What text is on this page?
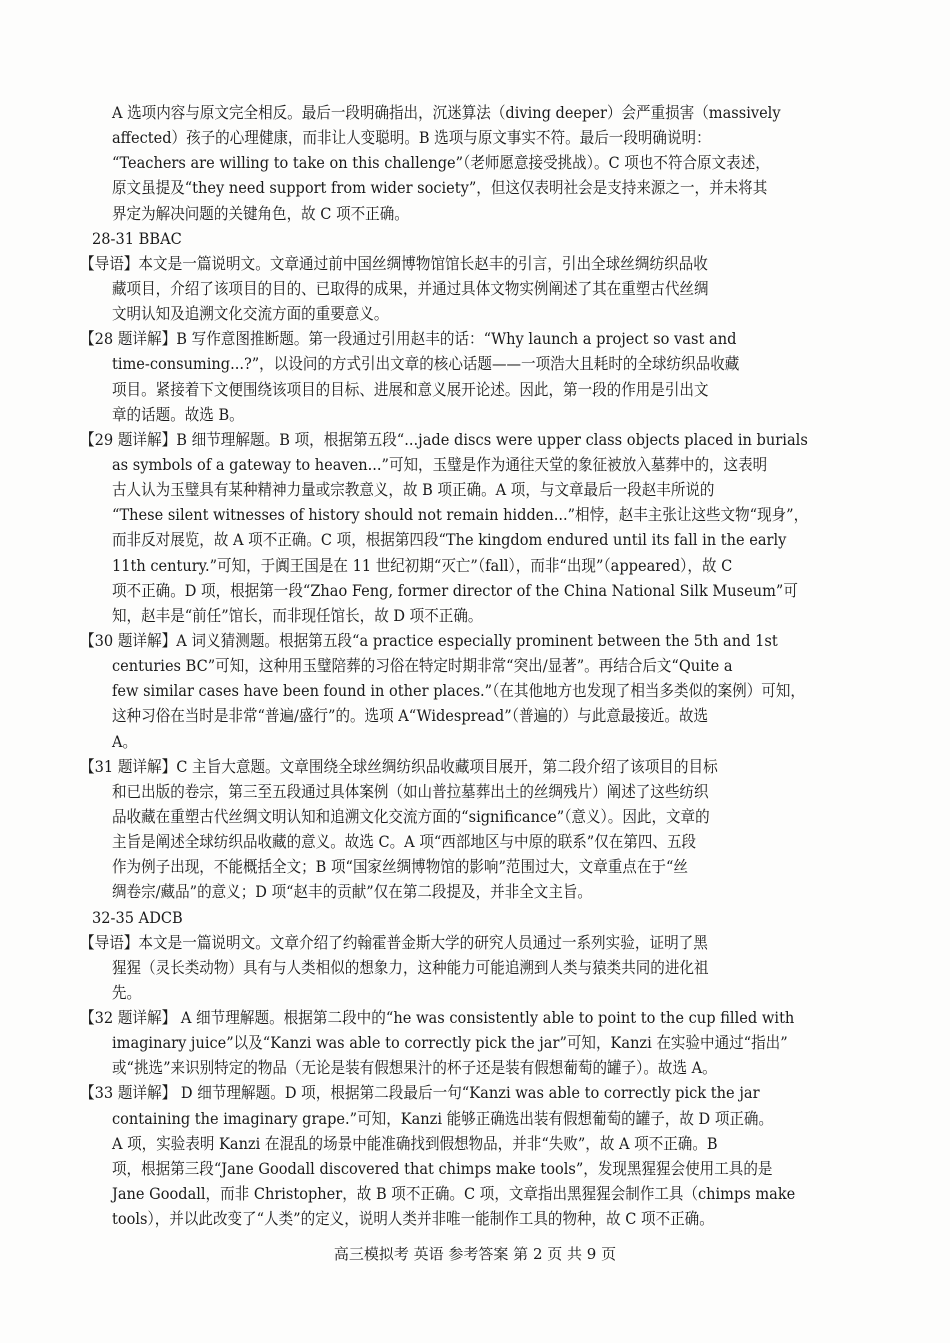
A 选项内容与原文完全相反。最后一段明确指出，沉迷算法（diving deeper）会严重损害（massively
affected）孩子的心理健康，而非让人变聪明。B 选项与原文事实不符。最后一段明确说明：
“Teachers are willing to take on this challenge”（老师愿意接受挑战）。C 项也不符合原文表述，
原文虽提及“they need support from wider society”，但这仅表明社会是支持来源之一，并未将其
界定为解决问题的关键角色，故 C 项不正确。
28-31 BBAC
【导语】本文是一篇说明文。文章通过前中国丝绸博物馆馆长赵丰的引言，引出全球丝绸纺织品收
藏项目，介绍了该项目的目的、已取得的成果，并通过具体文物实例阐述了其在重塑古代丝绸
文明认知及追溯文化交流方面的重要意义。
【28 题详解】B 写作意图推断题。第一段通过引用赵丰的话：“Why launch a project so vast and
time-consuming...?”，以设问的方式引出文章的核心话题——一项浩大且耗时的全球纺织品收藏
项目。紧接着下文便围绕该项目的目标、进展和意义展开论述。因此，第一段的作用是引出文
章的话题。故选 B。
【29 题详解】B 细节理解题。B 项，根据第五段“...jade discs were upper class objects placed in burials
as symbols of a gateway to heaven...”可知，玉璧是作为通往天堂的象征被放入墓葬中的，这表明
古人认为玉璧具有某种精神力量或宗教意义，故 B 项正确。A 项，与文章最后一段赵丰所说的
“These silent witnesses of history should not remain hidden...”相悖，赵丰主张让这些文物“现身”，
而非反对展览，故 A 项不正确。C 项，根据第四段“The kingdom endured until its fall in the early
11th century.”可知，于阗王国是在 11 世纪初期“灭亡”（fall），而非“出现”（appeared），故 C
项不正确。D 项，根据第一段“Zhao Feng, former director of the China National Silk Museum”可
知，赵丰是“前任”馆长，而非现任馆长，故 D 项不正确。
【30 题详解】A 词义猜测题。根据第五段“a practice especially prominent between the 5th and 1st
centuries BC”可知，这种用玉璧陪葬的习俗在特定时期非常“突出/显著”。再结合后文“Quite a
few similar cases have been found in other places.”（在其他地方也发现了相当多类似的案例）可知，
这种习俗在当时是非常“普遍/盛行”的。选项 A“Widespread”（普遍的）与此意最接近。故选
A。
【31 题详解】C 主旨大意题。文章围绕全球丝绸纺织品收藏项目展开，第二段介绍了该项目的目标
和已出版的卷宗，第三至五段通过具体案例（如山普拉墓葬出土的丝绸残片）阐述了这些纺织
品收藏在重塑古代丝绸文明认知和追溯文化交流方面的“significance”（意义）。因此，文章的
主旨是阐述全球纺织品收藏的意义。故选 C。A 项“西部地区与中原的联系”仅在第四、五段
作为例子出现，不能概括全文；B 项“国家丝绸博物馆的影响”范围过大，文章重点在于“丝
绸卷宗/藏品”的意义；D 项“赵丰的贡献”仅在第二段提及，并非全文主旨。
32-35 ADCB
【导语】本文是一篇说明文。文章介绍了约翰霍普金斯大学的研究人员通过一系列实验，证明了黑
猩猩（灵长类动物）具有与人类相似的想象力，这种能力可能追溯到人类与猿类共同的进化祖
先。
【32 题详解】 A 细节理解题。根据第二段中的“he was consistently able to point to the cup filled with
imaginary juice”以及“Kanzi was able to correctly pick the jar”可知，Kanzi 在实验中通过“指出”
或“挑选”来识别特定的物品（无论是装有假想果汁的杯子还是装有假想葡萄的罐子）。故选 A。
【33 题详解】 D 细节理解题。D 项，根据第二段最后一句“Kanzi was able to correctly pick the jar
containing the imaginary grape.”可知，Kanzi 能够正确选出装有假想葡萄的罐子，故 D 项正确。
A 项，实验表明 Kanzi 在混乱的场景中能准确找到假想物品，并非“失败”，故 A 项不正确。B
项，根据第三段“Jane Goodall discovered that chimps make tools”，发现黑猩猩会使用工具的是
Jane Goodall，而非 Christopher，故 B 项不正确。C 项，文章指出黑猩猩会制作工具（chimps make
tools），并以此改变了“人类”的定义，说明人类并非唯一能制作工具的物种，故 C 项不正确。
高三模拟考 英语 参考答案 第 2 页 共 9 页
